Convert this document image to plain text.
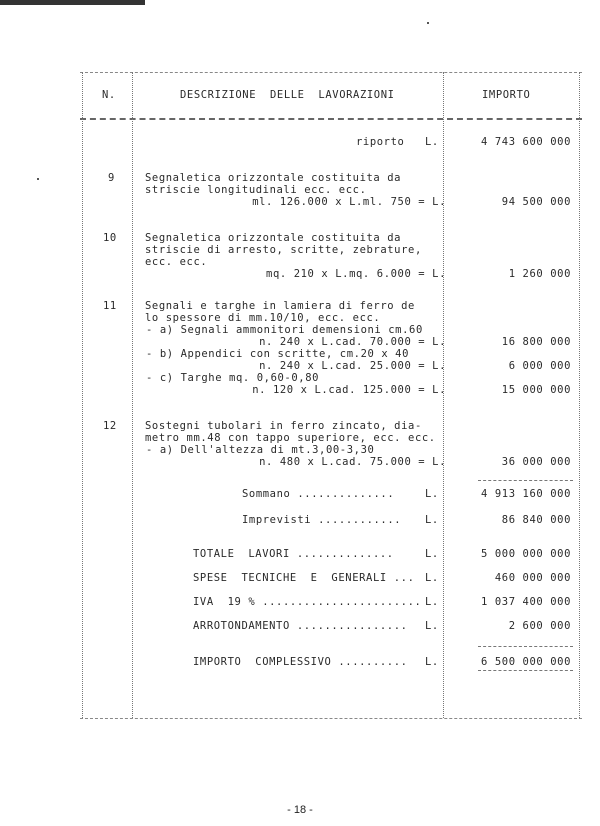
N.	DESCRIZIONE  DELLE  LAVORAZIONI	IMPORTO
riporto L.	4 743 600 000
9	Segnaletica orizzontale costituita da
striscie longitudinali ecc. ecc.
ml. 126.000 x L.ml. 750 = L.	94 500 000
10	Segnaletica orizzontale costituita da
striscie di arresto, scritte, zebrature,
ecc. ecc.
mq. 210 x L.mq. 6.000 = L.	1 260 000
11	Segnali e targhe in lamiera di ferro de
lo spessore di mm.10/10, ecc. ecc.
- a) Segnali ammonitori demensioni cm.60
n. 240 x L.cad. 70.000 = L.	16 800 000
- b) Appendici con scritte, cm.20 x 40
n. 240 x L.cad. 25.000 = L.	6 000 000
- c) Targhe mq. 0,60-0,80
n. 120 x L.cad. 125.000 = L.	15 000 000
12	Sostegni tubolari in ferro zincato, dia-
metro mm.48 con tappo superiore, ecc. ecc.
- a) Dell'altezza di mt.3,00-3,30
n. 480 x L.cad. 75.000 = L.	36 000 000
Sommano ..............	L.	4 913 160 000
Imprevisti ............ L.	86 840 000
TOTALE  LAVORI ..............	L.	5 000 000 000
SPESE  TECNICHE  E  GENERALI ... L.	460 000 000
IVA  19 % ....................... L.	1 037 400 000
ARROTONDAMENTO ................ L.	2 600 000
IMPORTO  COMPLESSIVO .......... L.	6 500 000 000
- 18 -
